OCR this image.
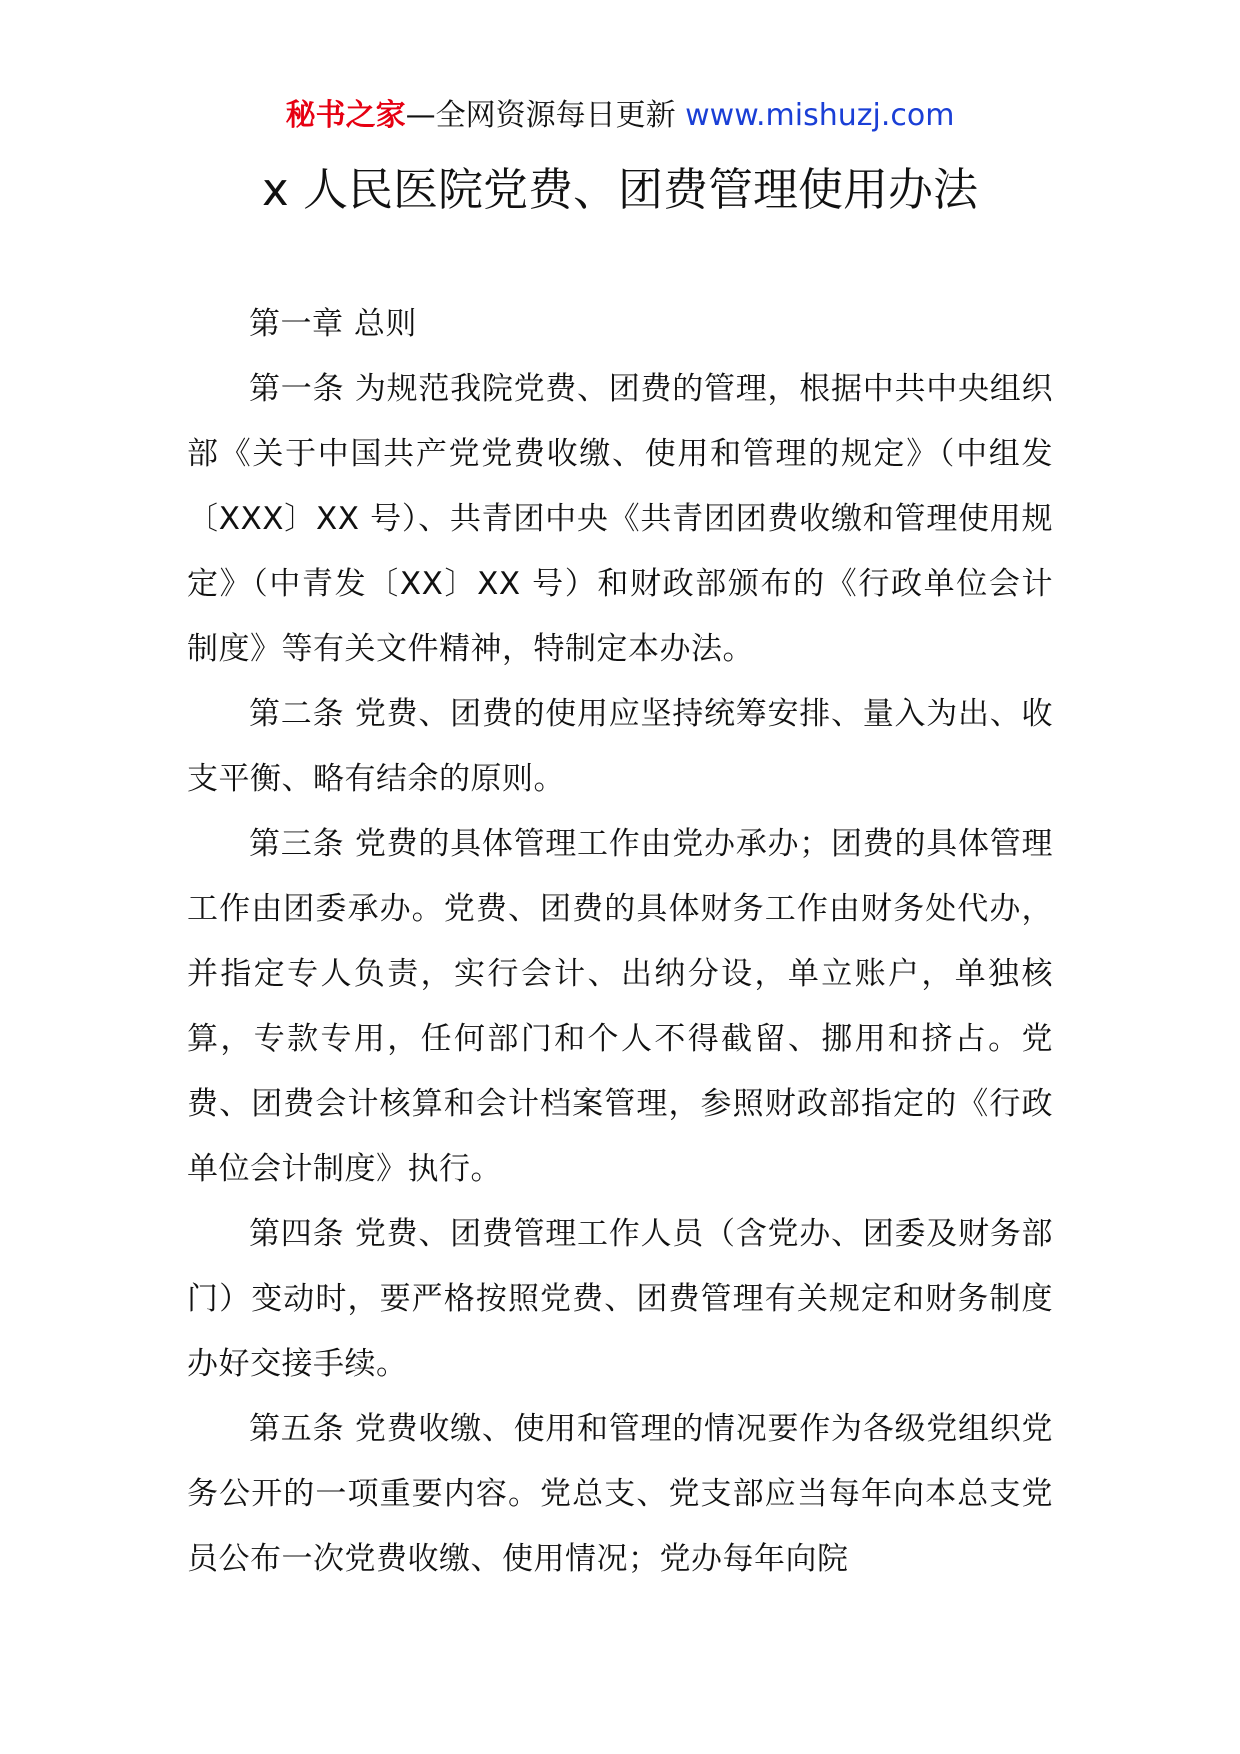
秘书之家—全网资源每日更新 www.mishuzj.com
x 人民医院党费、团费管理使用办法

第一章 总则

第一条 为规范我院党费、团费的管理，根据中共中央组织部《关于中国共产党党费收缴、使用和管理的规定》（中组发〔XXX〕XX 号）、共青团中央《共青团团费收缴和管理使用规定》（中青发〔XX〕XX 号）和财政部颁布的《行政单位会计制度》等有关文件精神，特制定本办法。

第二条 党费、团费的使用应坚持统筹安排、量入为出、收支平衡、略有结余的原则。

第三条 党费的具体管理工作由党办承办；团费的具体管理工作由团委承办。党费、团费的具体财务工作由财务处代办，并指定专人负责，实行会计、出纳分设，单立账户，单独核算，专款专用，任何部门和个人不得截留、挪用和挤占。党费、团费会计核算和会计档案管理，参照财政部指定的《行政单位会计制度》执行。

第四条 党费、团费管理工作人员（含党办、团委及财务部门）变动时，要严格按照党费、团费管理有关规定和财务制度办好交接手续。

第五条 党费收缴、使用和管理的情况要作为各级党组织党务公开的一项重要内容。党总支、党支部应当每年向本总支党员公布一次党费收缴、使用情况；党办每年向院
